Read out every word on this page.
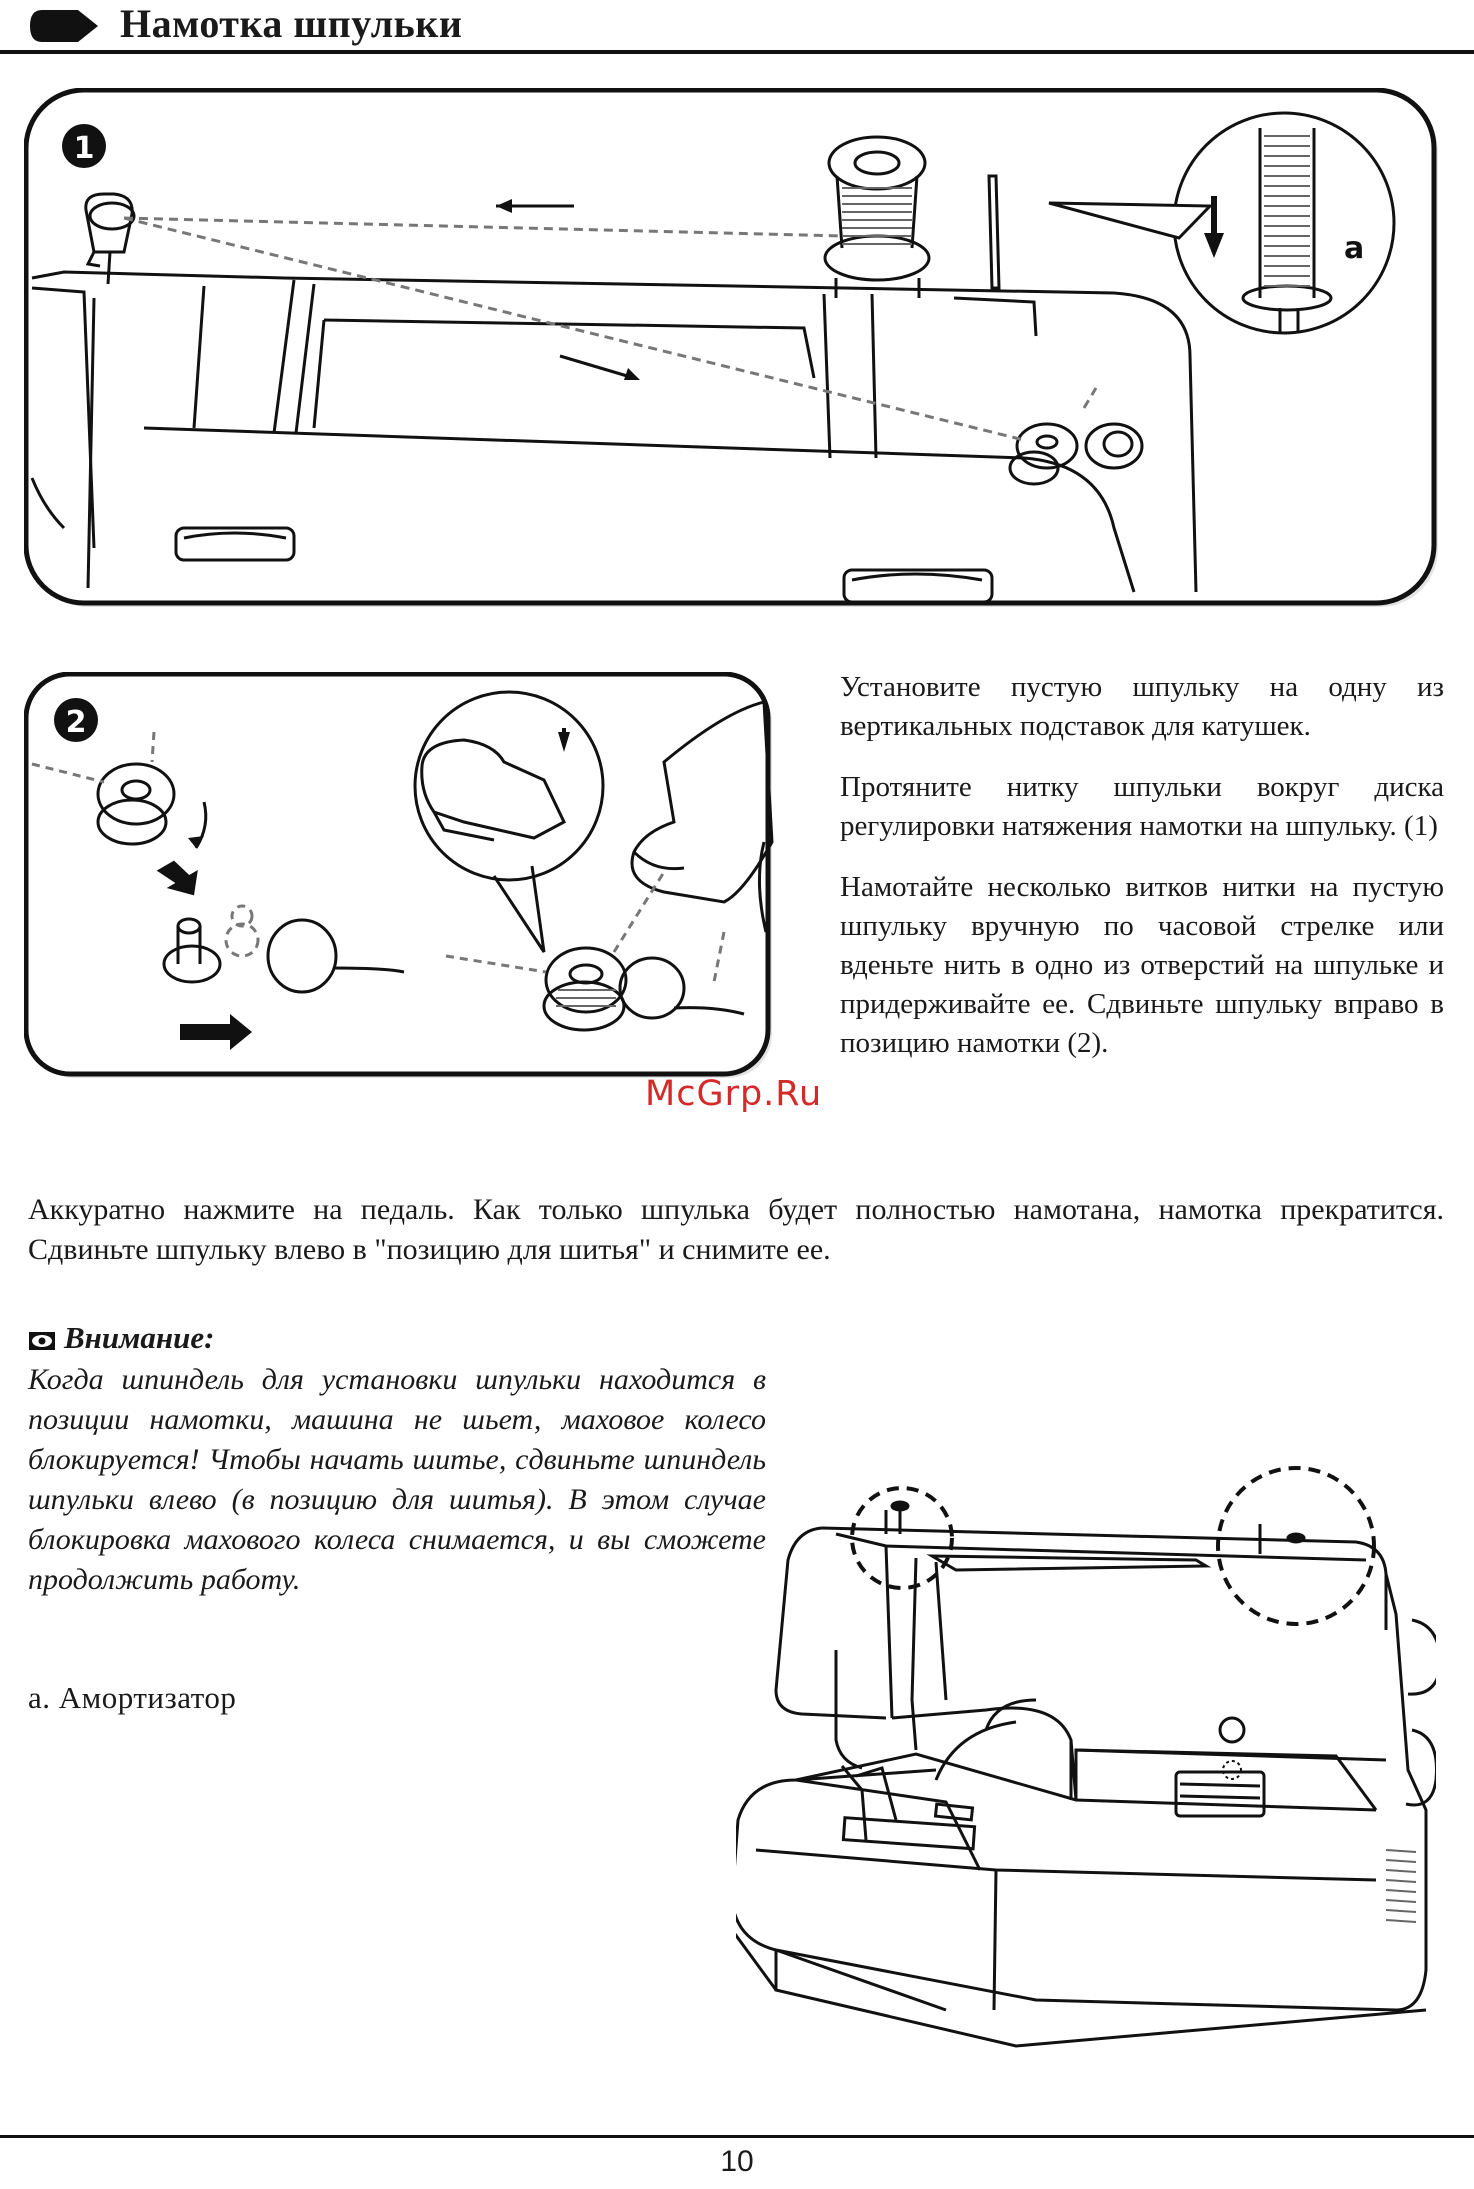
Намотка шпульки
1
a
2

Установите пустую шпульку на одну из вертикальных подставок для катушек.

Протяните нитку шпульки вокруг диска регулировки натяжения намотки на шпульку. (1)

Намотайте несколько витков нитки на пустую шпульку вручную по часовой стрелке или вденьте нить в одно из отверстий на шпульке и придерживайте ее. Сдвиньте шпульку вправо в позицию намотки (2).

McGrp.Ru

Аккуратно нажмите на педаль. Как только шпулька будет полностью намотана, намотка прекратится. Сдвиньте шпульку влево в "позицию для шитья" и снимите ее.

Внимание:

Когда шпиндель для установки шпульки находится в позиции намотки, машина не шьет, маховое колесо блокируется! Чтобы начать шитье, сдвиньте шпиндель шпульки влево (в позицию для шитья). В этом случае блокировка махового колеса снимается, и вы сможете продолжить работу.

a. Амортизатор
10
